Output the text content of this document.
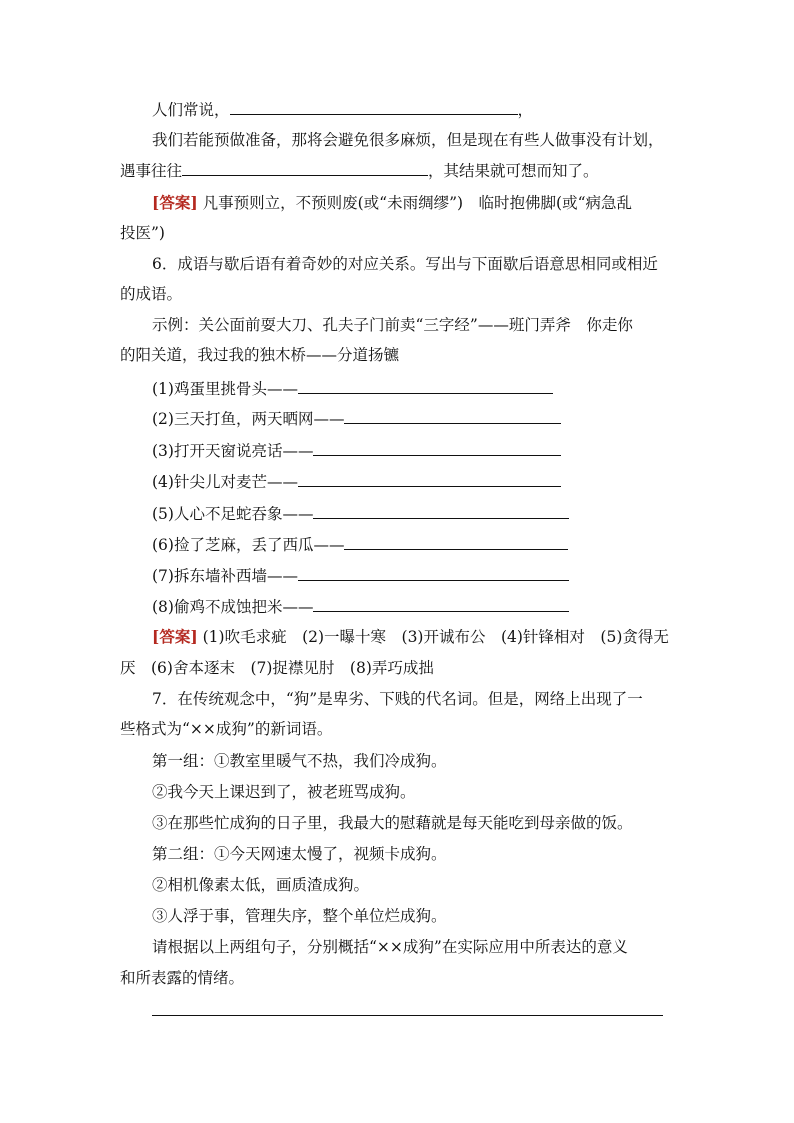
人们常说，	，
我们若能预做准备，那将会避免很多麻烦，但是现在有些人做事没有计划，
遇事往往	，其结果就可想而知了。
[答案] 凡事预则立，不预则废(或“未雨绸缪”)　临时抱佛脚(或“病急乱
投医”)
6．成语与歇后语有着奇妙的对应关系。写出与下面歇后语意思相同或相近
的成语。
示例：关公面前耍大刀、孔夫子门前卖“三字经”——班门弄斧　你走你
的阳关道，我过我的独木桥——分道扬镳
(1)鸡蛋里挑骨头——
(2)三天打鱼，两天晒网——
(3)打开天窗说亮话——
(4)针尖儿对麦芒——
(5)人心不足蛇吞象——
(6)捡了芝麻，丢了西瓜——
(7)拆东墙补西墙——
(8)偷鸡不成蚀把米——
[答案] (1)吹毛求疵　(2)一曝十寒　(3)开诚布公　(4)针锋相对　(5)贪得无
厌　(6)舍本逐末　(7)捉襟见肘　(8)弄巧成拙
7．在传统观念中，“狗”是卑劣、下贱的代名词。但是，网络上出现了一
些格式为“××成狗”的新词语。
第一组：①教室里暖气不热，我们冷成狗。
②我今天上课迟到了，被老班骂成狗。
③在那些忙成狗的日子里，我最大的慰藉就是每天能吃到母亲做的饭。
第二组：①今天网速太慢了，视频卡成狗。
②相机像素太低，画质渣成狗。
③人浮于事，管理失序，整个单位烂成狗。
请根据以上两组句子，分别概括“××成狗”在实际应用中所表达的意义
和所表露的情绪。
